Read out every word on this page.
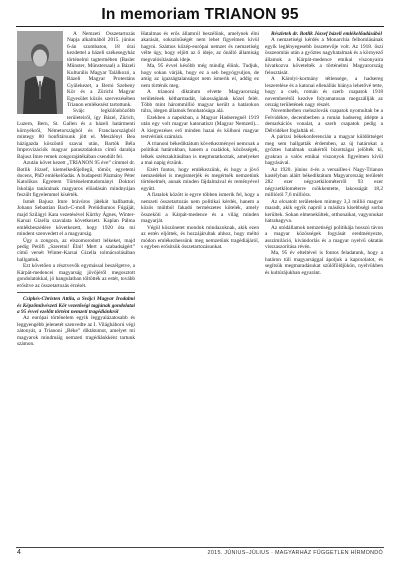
In memoriam TRIANON 95

A Nemzeti Összetartozás Napja alkalmából 2015. június 6-án szombaton, 18 órai kezdettel a bázeli székesegyház történelmi tagtermében (Basler Münster, Münstersaal) a Bázeli Kulturális Magyar Találkozó, a Bázeli Magyar Protestáns Gyülekezet, a Berni Szebeny Kör és a Zürichi Magyar Egyesület közös szervezésében Trianon emlékezést tartottunk.

Svájc legkülönbözőbb területeiről, így Bázel, Zürich, Luzern, Bern, St. Gallen és a bázeli határmenti környékről, Németországból és Franciaországból mintegy 80 honfitársunk jött el. Meszlényi Bea házigazda köszöntő szavai után, Bartók Béla Improvizációk magyar parasztdalokra című darabja Bajusz Imre remek zongorajátékában csendült fel.

Azután követ kezett „TRIANON 95 éve” címmel dr. Botlik József, kiemelkedőjellegű, tömör, egyetemi docens, PhD emlékelőadás. A budapesti Pázmány Péter Katolikus Egyetem Történelemtudományi Doktori Iskolája tanárainak magyaros előadásán mindnyájan feszült figyelemmel kísérték.

Ismét Bajusz Imre brávúros játékát hallhattuk, Johann Sebastian Bach-C-moll Prelúdiumos Fúgáját, majd Szilágyi Kata vezetésével Kürthy Ágnes, Winter-Karsai Gizella szavalata következett. Kaplan Pálma emlékbeszédére következett, hogy 1920 óta mi mindent szenvedett el a magyarság.

Úgy a zongora, az elszomorodott lelkeket, majd pedig Petőfi „Szeretni! Élni! Mert a szabadságért” című versét Winter-Karsai Gizella tolmácsolásában hallgattuk.

Ezt követően a résztvevők egymással beszélgetve, a Kárpát-medencei magyarság jövőjéről megosztott gondolatokkal, jó hangulatban töltötték az estét, tovább erősítve az összetartozás érzését.

Csipkés-Christen Attila, a Svájci Magyar Irodalmi és Képzőművészeti Kör vezetőségi tagjának gondolatai a 95 évvel ezelőtt történt nemzeti tragédiánkról

Az európai történelem egyik leggyalázatosabb és leggyengébb jelenetét szenvedte az I. Világháború végi zátonyát, a Trianoni „Béke” diktátumot, amelyet mi magyarok mindmáig nemzeti tragédiánkként tartunk számon.

Hatalmas és erős államról beszélünk, amelynek élni akarását, sokszínűségét nem lehet figyelmen kívül hagyni. Számos közép-európai nemzet és nemzetiség vélte úgy, hogy eljött az ő ideje, az önálló államiság megvalósításának ideje.

Ma, 95 évvel később még mindig élünk. Tudjuk, hogy sokan várják, hogy ez a seb begyógyuljon, de amíg az igazságtalanságot nem ismerik el, addig ez nem történik meg.

A trianoni diktátum elvette Magyarország területének kétharmadát, lakosságának közel felét. Több mint hárommillió magyar került a határokon túlra, idegen államok fennhatósága alá.

Ezekben a napokban, a Magyar Hadseregnél 1919 után egy volt magyar katonatiszt (Magyar Nemzeti)... A kiegyezéses erő minden hazai és külhoni magyar testvérünk számára.

A trianoni békediktátum következményei nemcsak a politikai határokban, hanem a családok, közösségek, lelkek szétszakításában is megmutatkoztak, amelyeket a mai napig érzünk.

Ezért fontos, hogy emlékezzünk, és hogy a jövő nemzedékei is megismerjék és megértsék nemzetünk történelmét, annak minden fájdalmával és reményével együtt.

A fiatalok között is egyre többen ismerik fel, hogy a nemzeti összetartozás nem politikai kérdés, hanem a közös múltból fakadó természetes kötelék, amely összeköti a Kárpát-medence és a világ minden magyarját.

Végül köszönetet mondok mindazoknak, akik ezen az estén eljöttek, és hozzájárultak ahhoz, hogy méltó módon emlékezhessünk meg nemzetünk tragédiájáról, s egyben erősítsük összetartozásunkat.

Részletek dr. Botlik József bázeli emlékelőadásából

A nemzetiségi kérdés a Monarchia felbomlásának egyik leglényegesebb összetevője volt. Az 1918. őszi összeomlás után a győztes nagyhatalmak és a környező államok a Kárpát-medence etnikai viszonyaira hivatkozva követelték a történelmi Magyarország felosztását.

A Károlyi-kormány tétlensége, a hadsereg leszerelése és a katonai ellenállás hiánya lehetővé tette, hogy a cseh, román és szerb csapatok 1918 novemberétől kezdve folyamatosan megszállják az ország területének nagy részét.

Novemberben csehszlovák csapatok nyomultak be a Felvidékre, decemberben a román hadsereg átlépte a demarkációs vonalat, a szerb csapatok pedig a Délvidéket foglalták el.

A párizsi békekonferencián a magyar küldöttséget meg sem hallgatták érdemben, az új határokat a győztes hatalmak szakértői bizottságai jelölték ki, gyakran a valós etnikai viszonyok figyelmen kívül hagyásával.

Az 1920. június 4-én a versailles-i Nagy-Trianon kastélyban aláírt békediktátum Magyarország területét 282 ezer négyzetkilométerről 93 ezer négyzetkilométerre csökkentette, lakosságát 18,2 millióról 7,6 millióra.

Az elcsatolt területeken mintegy 3,3 millió magyar maradt, akik egyik napról a másikra kisebbségi sorba kerültek. Sokan elmenekültek, otthonaikat, vagyonukat hátrahagyva.

Az utódállamok nemzetiségi politikája hosszú távon a magyar közösségek fogyását eredményezte, asszimiláció, kivándorlás és a magyar nyelvű oktatás visszaszorítása révén.

Ma, 95 év elteltével is fontos feladatunk, hogy a határon túli magyarsággal ápoljuk a kapcsolatot, és segítsük megmaradásukat szülőföldjükön, nyelvükben és kultúrájukban egyaránt.

4	2015. JÚNIUS–JÚLIUS · MAGYARHÁZ FÜGGETLEN HÍRMONDÓ
